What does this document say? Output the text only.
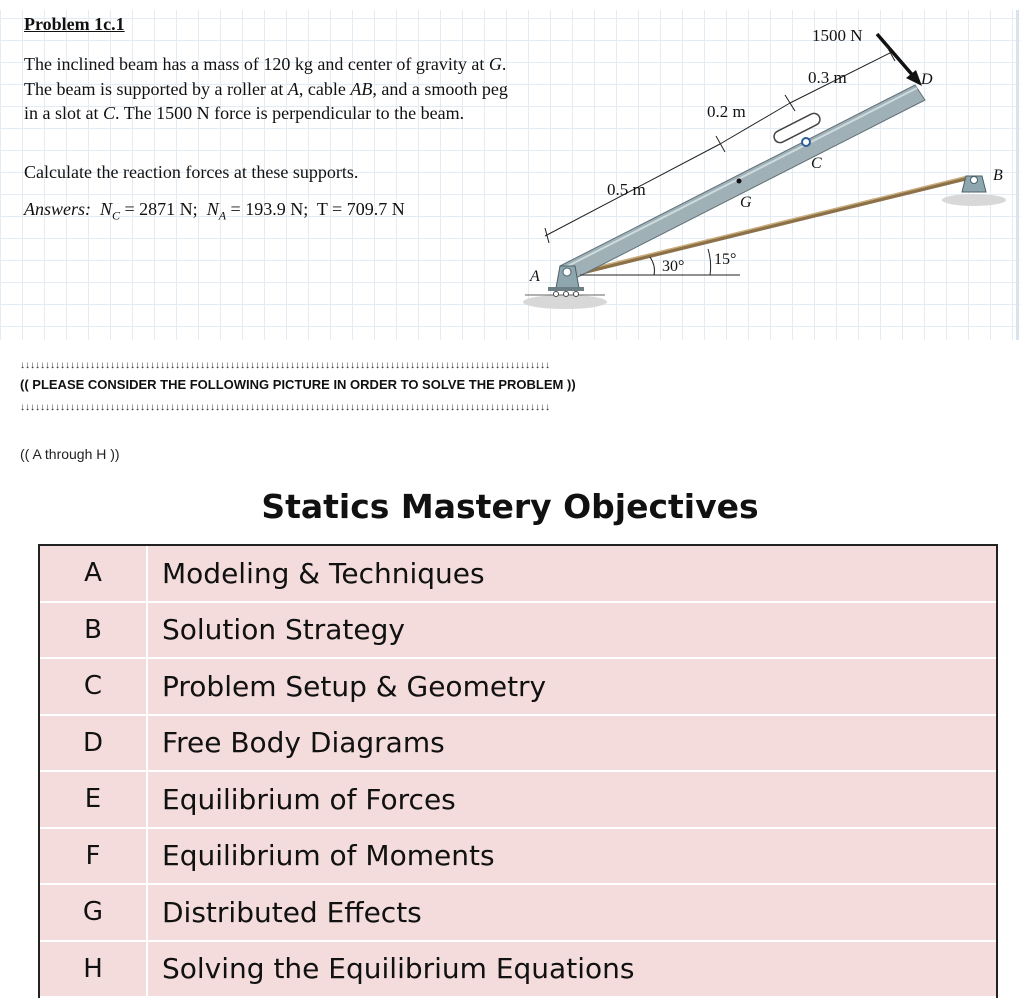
Problem 1c.1
The inclined beam has a mass of 120 kg and center of gravity at G. The beam is supported by a roller at A, cable AB, and a smooth peg in a slot at C. The 1500 N force is perpendicular to the beam.
Calculate the reaction forces at these supports.
Answers: $N_C = 2871$ N; $N_A = 193.9$ N; T = 709.7 N
1500 N
0.3 m
0.2 m
0.5 m
D
C
G
A
B
30° 15°
↓↓↓↓↓↓↓↓↓↓↓↓↓↓↓↓↓↓↓↓↓↓↓↓↓↓↓↓↓↓↓↓↓↓↓↓↓↓↓↓↓↓↓↓↓↓↓↓↓↓↓↓↓↓↓↓↓↓↓↓↓↓↓↓↓↓↓↓↓↓↓↓↓↓↓↓↓↓↓↓↓↓↓↓↓↓↓↓↓↓↓↓↓↓↓↓↓↓↓↓↓↓↓↓↓↓
(( PLEASE CONSIDER THE FOLLOWING PICTURE IN ORDER TO SOLVE THE PROBLEM ))
↓↓↓↓↓↓↓↓↓↓↓↓↓↓↓↓↓↓↓↓↓↓↓↓↓↓↓↓↓↓↓↓↓↓↓↓↓↓↓↓↓↓↓↓↓↓↓↓↓↓↓↓↓↓↓↓↓↓↓↓↓↓↓↓↓↓↓↓↓↓↓↓↓↓↓↓↓↓↓↓↓↓↓↓↓↓↓↓↓↓↓↓↓↓↓↓↓↓↓↓↓↓↓↓↓↓
(( A through H ))
Statics Mastery Objectives
A	Modeling & Techniques
B	Solution Strategy
C	Problem Setup & Geometry
D	Free Body Diagrams
E	Equilibrium of Forces
F	Equilibrium of Moments
G	Distributed Effects
H	Solving the Equilibrium Equations
